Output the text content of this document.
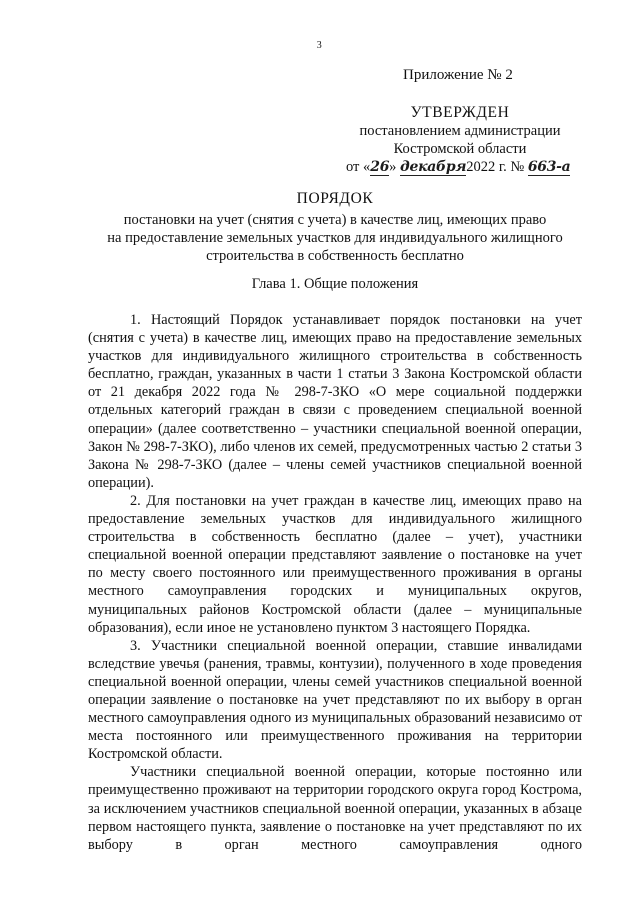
3
Приложение № 2
УТВЕРЖДЕН
постановлением администрации
Костромской области
от «26» декабря2022 г. № 663-а
ПОРЯДОК
постановки на учет (снятия с учета) в качестве лиц, имеющих право
на предоставление земельных участков для индивидуального жилищного
строительства в собственность бесплатно
Глава 1. Общие положения

1. Настоящий Порядок устанавливает порядок постановки на учет (снятия с учета) в качестве лиц, имеющих право на предоставление земельных участков для индивидуального жилищного строительства в собственность бесплатно, граждан, указанных в части 1 статьи 3 Закона Костромской области от 21 декабря 2022 года № 298-7-ЗКО «О мере социальной поддержки отдельных категорий граждан в связи с проведением специальной военной операции» (далее соответственно – участники специальной военной операции, Закон № 298-7-ЗКО), либо членов их семей, предусмотренных частью 2 статьи 3 Закона № 298-7-ЗКО (далее – члены семей участников специальной военной операции).

2. Для постановки на учет граждан в качестве лиц, имеющих право на предоставление земельных участков для индивидуального жилищного строительства в собственность бесплатно (далее – учет), участники специальной военной операции представляют заявление о постановке на учет по месту своего постоянного или преимущественного проживания в органы местного самоуправления городских и муниципальных округов, муниципальных районов Костромской области (далее – муниципальные образования), если иное не установлено пунктом 3 настоящего Порядка.

3. Участники специальной военной операции, ставшие инвалидами вследствие увечья (ранения, травмы, контузии), полученного в ходе проведения специальной военной операции, члены семей участников специальной военной операции заявление о постановке на учет представляют по их выбору в орган местного самоуправления одного из муниципальных образований независимо от места постоянного или преимущественного проживания на территории Костромской области.

Участники специальной военной операции, которые постоянно или преимущественно проживают на территории городского округа город Кострома, за исключением участников специальной военной операции, указанных в абзаце первом настоящего пункта, заявление о постановке на учет представляют по их выбору в орган местного самоуправления одного
